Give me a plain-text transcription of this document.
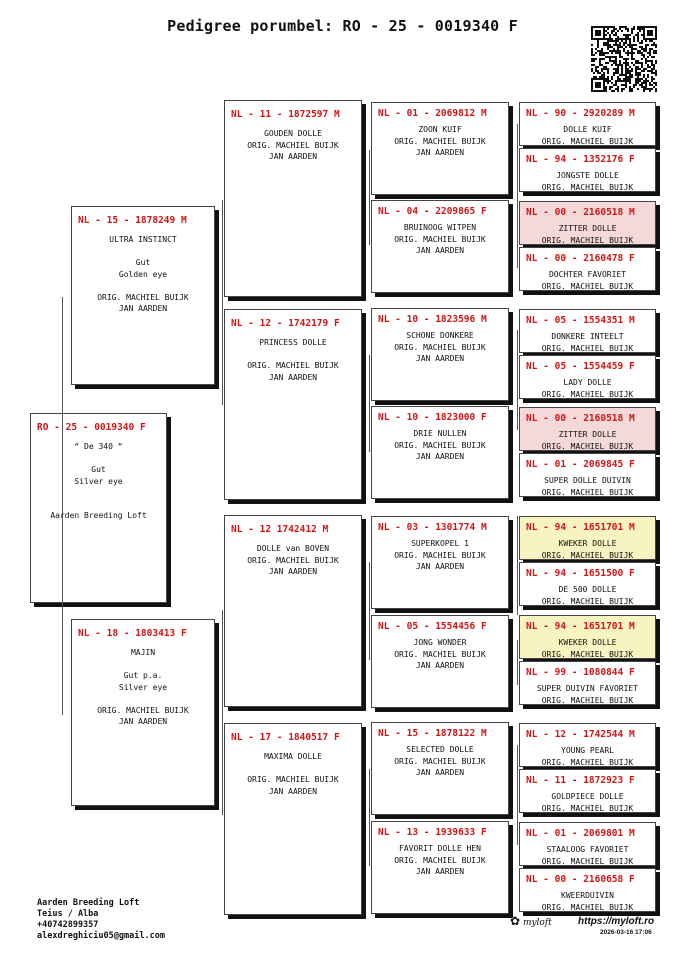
Pedigree porumbel: RO - 25 - 0019340 F
RO - 25 - 0019340 F
“ De 340 “

Gut
Silver eye

Aarden Breeding Loft
NL - 15 - 1878249 M
ULTRA INSTINCT

Gut
Golden eye

ORIG. MACHIEL BUIJK
JAN AARDEN
NL - 18 - 1803413 F
MAJIN

Gut p.a.
Silver eye

ORIG. MACHIEL BUIJK
JAN AARDEN
NL - 11 - 1872597 M
GOUDEN DOLLE
ORIG. MACHIEL BUIJK
JAN AARDEN
NL - 12 - 1742179 F
PRINCESS DOLLE

ORIG. MACHIEL BUIJK
JAN AARDEN
NL - 12 1742412 M
DOLLE van BOVEN
ORIG. MACHIEL BUIJK
JAN AARDEN
NL - 17 - 1840517 F
MAXIMA DOLLE

ORIG. MACHIEL BUIJK
JAN AARDEN
NL - 01 - 2069812 M
ZOON KUIF
ORIG. MACHIEL BUIJK
JAN AARDEN
NL - 04 - 2209865 F
BRUINOOG WITPEN
ORIG. MACHIEL BUIJK
JAN AARDEN
NL - 10 - 1823596 M
SCHONE DONKERE
ORIG. MACHIEL BUIJK
JAN AARDEN
NL - 10 - 1823000 F
DRIE NULLEN
ORIG. MACHIEL BUIJK
JAN AARDEN
NL - 03 - 1301774 M
SUPERKOPEL 1
ORIG. MACHIEL BUIJK
JAN AARDEN
NL - 05 - 1554456 F
JONG WONDER
ORIG. MACHIEL BUIJK
JAN AARDEN
NL - 15 - 1878122 M
SELECTED DOLLE
ORIG. MACHIEL BUIJK
JAN AARDEN
NL - 13 - 1939633 F
FAVORIT DOLLE HEN
ORIG. MACHIEL BUIJK
JAN AARDEN
NL - 90 - 2920289 M
DOLLE KUIF
ORIG. MACHIEL BUIJK
NL - 94 - 1352176 F
JONGSTE DOLLE
ORIG. MACHIEL BUIJK
NL - 00 - 2160518 M
ZITTER DOLLE
ORIG. MACHIEL BUIJK
NL - 00 - 2160478 F
DOCHTER FAVORIET
ORIG. MACHIEL BUIJK
NL - 05 - 1554351 M
DONKERE INTEELT
ORIG. MACHIEL BUIJK
NL - 05 - 1554459 F
LADY DOLLE
ORIG. MACHIEL BUIJK
NL - 00 - 2160518 M
ZITTER DOLLE
ORIG. MACHIEL BUIJK
NL - 01 - 2069845 F
SUPER DOLLE DUIVIN
ORIG. MACHIEL BUIJK
NL - 94 - 1651701 M
KWEKER DOLLE
ORIG. MACHIEL BUIJK
NL - 94 - 1651500 F
DE 500 DOLLE
ORIG. MACHIEL BUIJK
NL - 94 - 1651701 M
KWEKER DOLLE
ORIG. MACHIEL BUIJK
NL - 99 - 1080844 F
SUPER DUIVIN FAVORIET
ORIG. MACHIEL BUIJK
NL - 12 - 1742544 M
YOUNG PEARL
ORIG. MACHIEL BUIJK
NL - 11 - 1872923 F
GOLDPIECE DOLLE
ORIG. MACHIEL BUIJK
NL - 01 - 2069801 M
STAALOOG FAVORIET
ORIG. MACHIEL BUIJK
NL - 00 - 2160658 F
KWEERDUIVIN
ORIG. MACHIEL BUIJK
Aarden Breeding Loft
Teius / Alba
+40742899357
alexdreghiciu05@gmail.com
✿ myloft	https://myloft.ro
2026-03-16 17:06
